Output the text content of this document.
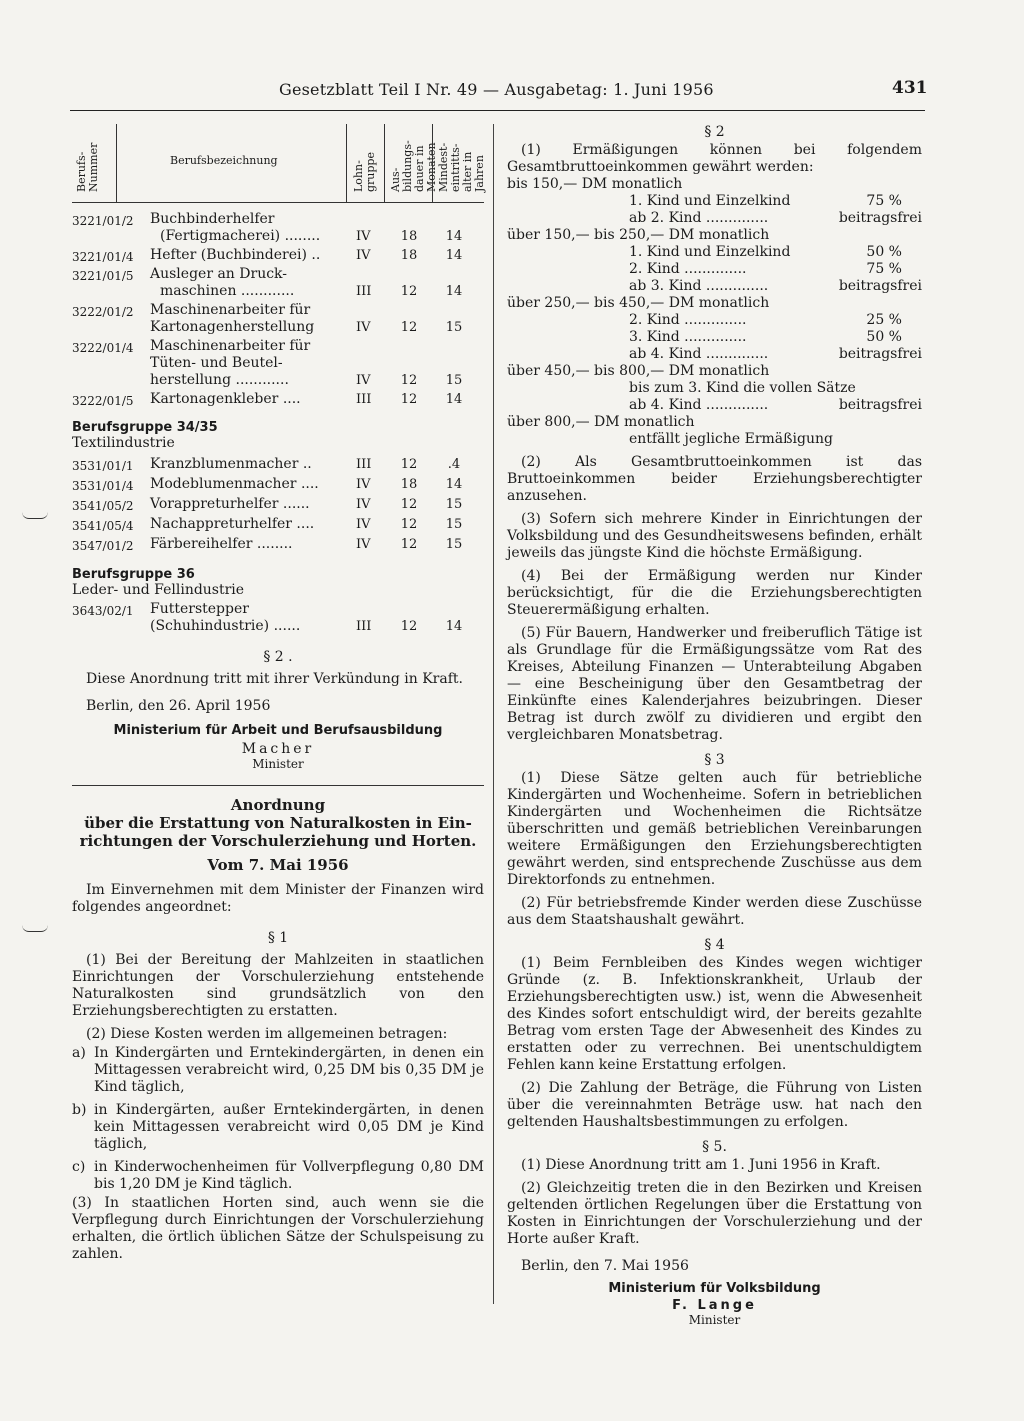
Gesetzblatt Teil I Nr. 49 — Ausgabetag: 1. Juni 1956	431
Berufs-Nummer	Berufsbezeichnung	Lohn-gruppe Aus-bildungs-dauer in Monaten Mindest-eintritts-alter in Jahren
3221/01/2 Buchbinderhelfer
(Fertigmacherei) ........	IV	18 14
3221/01/4 Hefter (Buchbinderei) ..	IV	18 14
3221/01/5 Ausleger an Druck-
maschinen ............	III	12 14
3222/01/2 Maschinenarbeiter für
Kartonagenherstellung	IV	12 15
3222/01/4 Maschinenarbeiter für
Tüten- und Beutel-
herstellung ............	IV	12 15
3222/01/5 Kartonagenkleber ....	III	12 14
Berufsgruppe 34/35
Textilindustrie
3531/01/1 Kranzblumenmacher ..	III	12	.4
3531/01/4 Modeblumenmacher ....	IV	18 14
3541/05/2 Vorappreturhelfer ......	IV	12 15
3541/05/4 Nachappreturhelfer ....	IV	12 15
3547/01/2 Färbereihelfer ........	IV	12 15
Berufsgruppe 36
Leder- und Fellindustrie
3643/02/1 Futterstepper
(Schuhindustrie) ......	III	12 14
§ 2 .
Diese Anordnung tritt mit ihrer Verkündung in Kraft.
Berlin, den 26. April 1956
Ministerium für Arbeit und Berufsausbildung
Macher
Minister
Anordnung
über die Erstattung von Naturalkosten in Ein-
richtungen der Vorschulerziehung und Horten.
Vom 7. Mai 1956
Im Einvernehmen mit dem Minister der Finanzen wird folgendes angeordnet:
§ 1
(1) Bei der Bereitung der Mahlzeiten in staatlichen Einrichtungen der Vorschulerziehung entstehende Naturalkosten sind grundsätzlich von den Erziehungsberechtigten zu erstatten.
(2) Diese Kosten werden im allgemeinen betragen:
a) In Kindergärten und Erntekindergärten, in denen ein Mittagessen verabreicht wird, 0,25 DM bis 0,35 DM je Kind täglich,
b) in Kindergärten, außer Erntekindergärten, in denen kein Mittagessen verabreicht wird 0,05 DM je Kind täglich,
c) in Kinderwochenheimen für Vollverpflegung 0,80 DM bis 1,20 DM je Kind täglich.
(3) In staatlichen Horten sind, auch wenn sie die Verpflegung durch Einrichtungen der Vorschulerziehung erhalten, die örtlich üblichen Sätze der Schulspeisung zu zahlen.
§ 2
(1) Ermäßigungen können bei folgendem Gesamtbruttoeinkommen gewährt werden:
bis 150,— DM monatlich
1. Kind und Einzelkind	75 %
ab 2. Kind ..............	beitragsfrei
über 150,— bis 250,— DM monatlich
1. Kind und Einzelkind	50 %
2. Kind ..............	75 %
ab 3. Kind ..............	beitragsfrei
über 250,— bis 450,— DM monatlich
2. Kind ..............	25 %
3. Kind ..............	50 %
ab 4. Kind ..............	beitragsfrei
über 450,— bis 800,— DM monatlich
bis zum 3. Kind die vollen Sätze
ab 4. Kind ..............	beitragsfrei
über 800,— DM monatlich
entfällt jegliche Ermäßigung
(2) Als Gesamtbruttoeinkommen ist das Bruttoeinkommen beider Erziehungsberechtigter anzusehen.
(3) Sofern sich mehrere Kinder in Einrichtungen der Volksbildung und des Gesundheitswesens befinden, erhält jeweils das jüngste Kind die höchste Ermäßigung.
(4) Bei der Ermäßigung werden nur Kinder berücksichtigt, für die die Erziehungsberechtigten Steuerermäßigung erhalten.
(5) Für Bauern, Handwerker und freiberuflich Tätige ist als Grundlage für die Ermäßigungssätze vom Rat des Kreises, Abteilung Finanzen — Unterabteilung Abgaben — eine Bescheinigung über den Gesamtbetrag der Einkünfte eines Kalenderjahres beizubringen. Dieser Betrag ist durch zwölf zu dividieren und ergibt den vergleichbaren Monatsbetrag.
§ 3
(1) Diese Sätze gelten auch für betriebliche Kindergärten und Wochenheime. Sofern in betrieblichen Kindergärten und Wochenheimen die Richtsätze überschritten und gemäß betrieblichen Vereinbarungen weitere Ermäßigungen den Erziehungsberechtigten gewährt werden, sind entsprechende Zuschüsse aus dem Direktorfonds zu entnehmen.
(2) Für betriebsfremde Kinder werden diese Zuschüsse aus dem Staatshaushalt gewährt.
§ 4
(1) Beim Fernbleiben des Kindes wegen wichtiger Gründe (z. B. Infektionskrankheit, Urlaub der Erziehungsberechtigten usw.) ist, wenn die Abwesenheit des Kindes sofort entschuldigt wird, der bereits gezahlte Betrag vom ersten Tage der Abwesenheit des Kindes zu erstatten oder zu verrechnen. Bei unentschuldigtem Fehlen kann keine Erstattung erfolgen.
(2) Die Zahlung der Beträge, die Führung von Listen über die vereinnahmten Beträge usw. hat nach den geltenden Haushaltsbestimmungen zu erfolgen.
§ 5.
(1) Diese Anordnung tritt am 1. Juni 1956 in Kraft.
(2) Gleichzeitig treten die in den Bezirken und Kreisen geltenden örtlichen Regelungen über die Erstattung von Kosten in Einrichtungen der Vorschulerziehung und der Horte außer Kraft.
Berlin, den 7. Mai 1956
Ministerium für Volksbildung
F. Lange
Minister
